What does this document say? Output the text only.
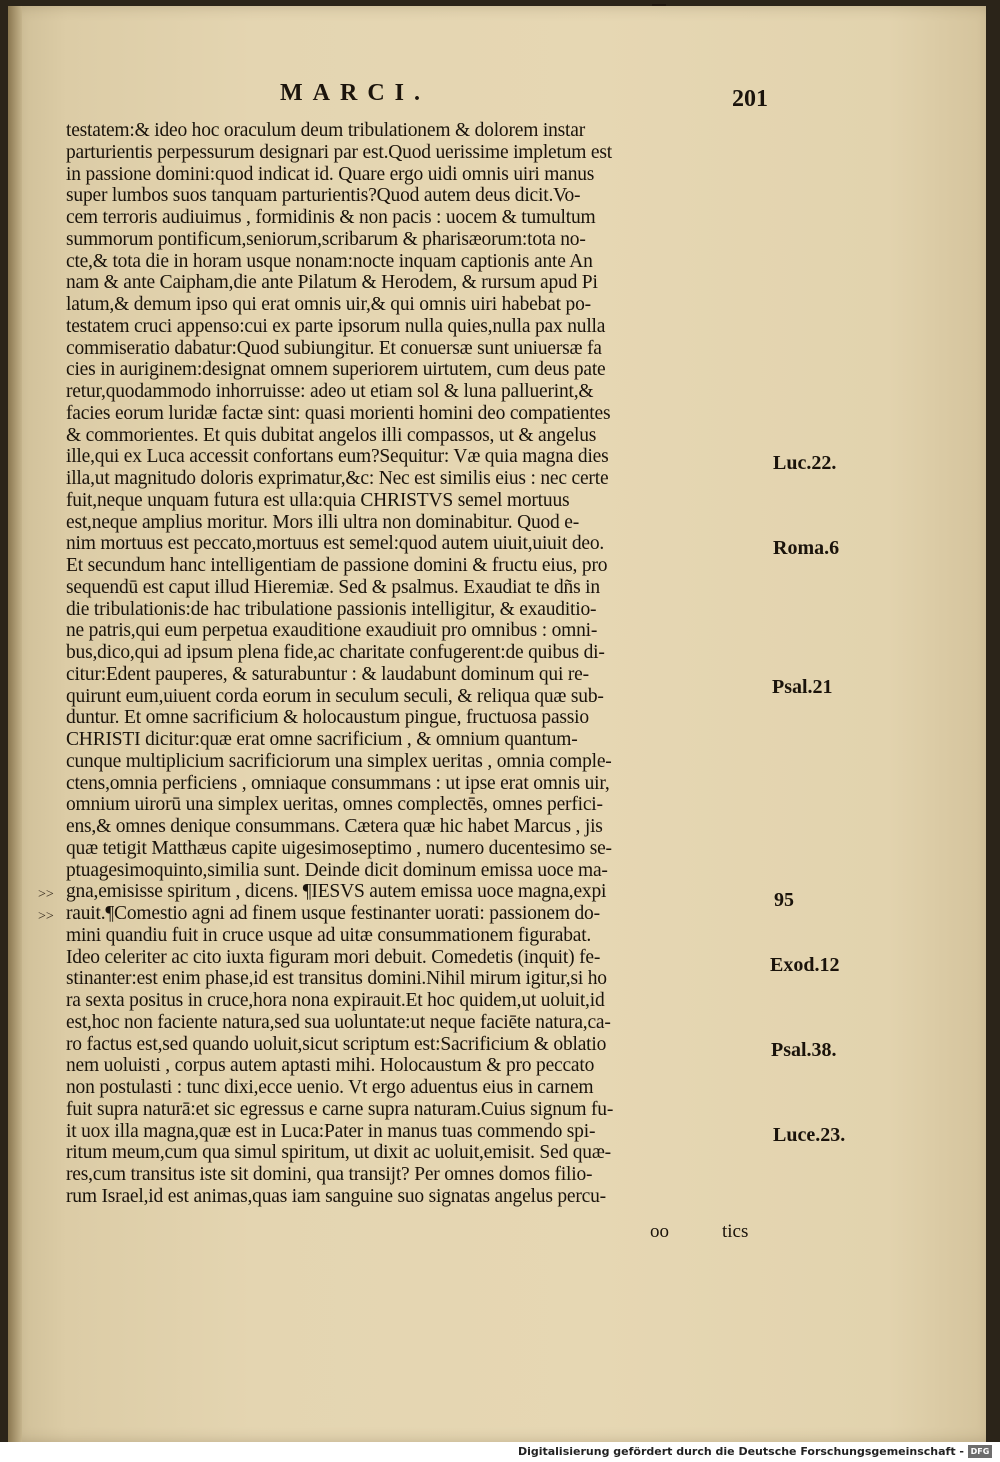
MARCI.	201
testatem:& ideo hoc oraculum deum tribulationem & dolorem instar
parturientis perpessurum designari par est.Quod uerissime impletum est
in passione domini:quod indicat id. Quare ergo uidi omnis uiri manus
super lumbos suos tanquam parturientis?Quod autem deus dicit.Vo-
cem terroris audiuimus , formidinis & non pacis : uocem & tumultum
summorum pontificum,seniorum,scribarum & pharisæorum:tota no-
cte,& tota die in horam usque nonam:nocte inquam captionis ante An
nam & ante Caipham,die ante Pilatum & Herodem, & rursum apud Pi
latum,& demum ipso qui erat omnis uir,& qui omnis uiri habebat po-
testatem cruci appenso:cui ex parte ipsorum nulla quies,nulla pax nulla
commiseratio dabatur:Quod subiungitur. Et conuersæ sunt uniuersæ fa
cies in auriginem:designat omnem superiorem uirtutem, cum deus pate
retur,quodammodo inhorruisse: adeo ut etiam sol & luna palluerint,&
facies eorum luridæ factæ sint: quasi morienti homini deo compatientes
& commorientes. Et quis dubitat angelos illi compassos, ut & angelus
ille,qui ex Luca accessit confortans eum?Sequitur: Væ quia magna dies
illa,ut magnitudo doloris exprimatur,&c: Nec est similis eius : nec certe
fuit,neque unquam futura est ulla:quia CHRISTVS semel mortuus
est,neque amplius moritur. Mors illi ultra non dominabitur. Quod e-
nim mortuus est peccato,mortuus est semel:quod autem uiuit,uiuit deo.
Et secundum hanc intelligentiam de passione domini & fructu eius, pro
sequendū est caput illud Hieremiæ. Sed & psalmus. Exaudiat te dñs in
die tribulationis:de hac tribulatione passionis intelligitur, & exauditio-
ne patris,qui eum perpetua exauditione exaudiuit pro omnibus : omni-
bus,dico,qui ad ipsum plena fide,ac charitate confugerent:de quibus di-
citur:Edent pauperes, & saturabuntur : & laudabunt dominum qui re-
quirunt eum,uiuent corda eorum in seculum seculi, & reliqua quæ sub-
duntur. Et omne sacrificium & holocaustum pingue, fructuosa passio
CHRISTI dicitur:quæ erat omne sacrificium , & omnium quantum-
cunque multiplicium sacrificiorum una simplex ueritas , omnia comple-
ctens,omnia perficiens , omniaque consummans : ut ipse erat omnis uir,
omnium uirorū una simplex ueritas, omnes complectēs, omnes perfici-
ens,& omnes denique consummans. Cætera quæ hic habet Marcus , jis
quæ tetigit Matthæus capite uigesimoseptimo , numero ducentesimo se-
ptuagesimoquinto,similia sunt. Deinde dicit dominum emissa uoce ma-
gna,emisisse spiritum , dicens. ¶IESVS autem emissa uoce magna,expi
rauit.¶Comestio agni ad finem usque festinanter uorati: passionem do-
mini quandiu fuit in cruce usque ad uitæ consummationem figurabat.
Ideo celeriter ac cito iuxta figuram mori debuit. Comedetis (inquit) fe-
stinanter:est enim phase,id est transitus domini.Nihil mirum igitur,si ho
ra sexta positus in cruce,hora nona expirauit.Et hoc quidem,ut uoluit,id
est,hoc non faciente natura,sed sua uoluntate:ut neque faciēte natura,ca-
ro factus est,sed quando uoluit,sicut scriptum est:Sacrificium & oblatio
nem uoluisti , corpus autem aptasti mihi. Holocaustum & pro peccato
non postulasti : tunc dixi,ecce uenio. Vt ergo aduentus eius in carnem
fuit supra naturā:et sic egressus e carne supra naturam.Cuius signum fu-
it uox illa magna,quæ est in Luca:Pater in manus tuas commendo spi-
ritum meum,cum qua simul spiritum, ut dixit ac uoluit,emisit. Sed quæ-
res,cum transitus iste sit domini, qua transijt? Per omnes domos filio-
rum Israel,id est animas,quas iam sanguine suo signatas angelus percu-
Luc.22.
Roma.6
Psal.21
95
Exod.12
Psal.38.
Luce.23.
>>
>>
oo	tics
Digitalisierung gefördert durch die Deutsche Forschungsgemeinschaft - DFG
